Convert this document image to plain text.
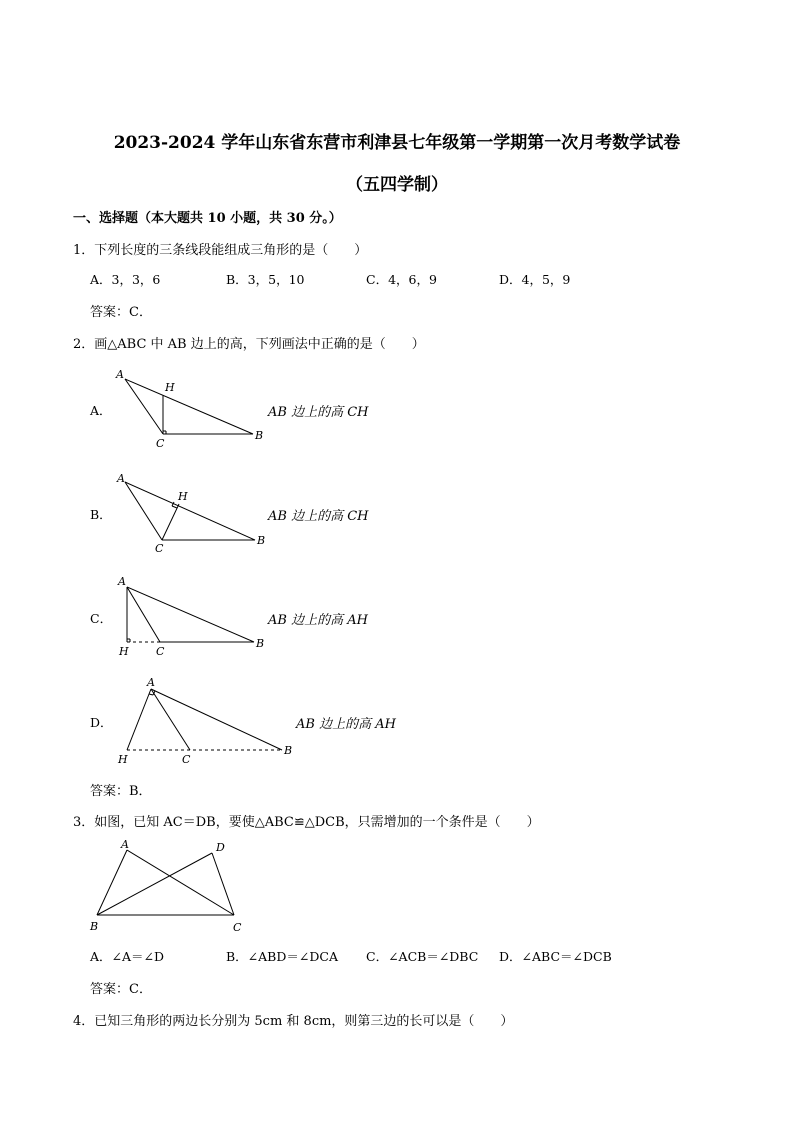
2023-2024 学年山东省东营市利津县七年级第一学期第一次月考数学试卷
（五四学制）
一、选择题（本大题共 10 小题，共 30 分。）
1．下列长度的三条线段能组成三角形的是（　　）
A．3，3，6	B．3，5，10	C．4，6，9	D．4，5，9
答案：C．
2．画△ABC 中 AB 边上的高，下列画法中正确的是（　　）
A．
A
H
C
B
AB 边上的高 CH
B．
A
H
C
B
AB 边上的高 CH
C．
A
H C
B
AB 边上的高 AH
D．
A
H	C
B
AB 边上的高 AH
答案：B．
3．如图，已知 AC＝DB，要使△ABC≌△DCB，只需增加的一个条件是（　　）
A	D
B	C
A．∠A＝∠D	B．∠ABD＝∠DCA C．∠ACB＝∠DBC D．∠ABC＝∠DCB
答案：C．
4．已知三角形的两边长分别为 5cm 和 8cm，则第三边的长可以是（　　）
